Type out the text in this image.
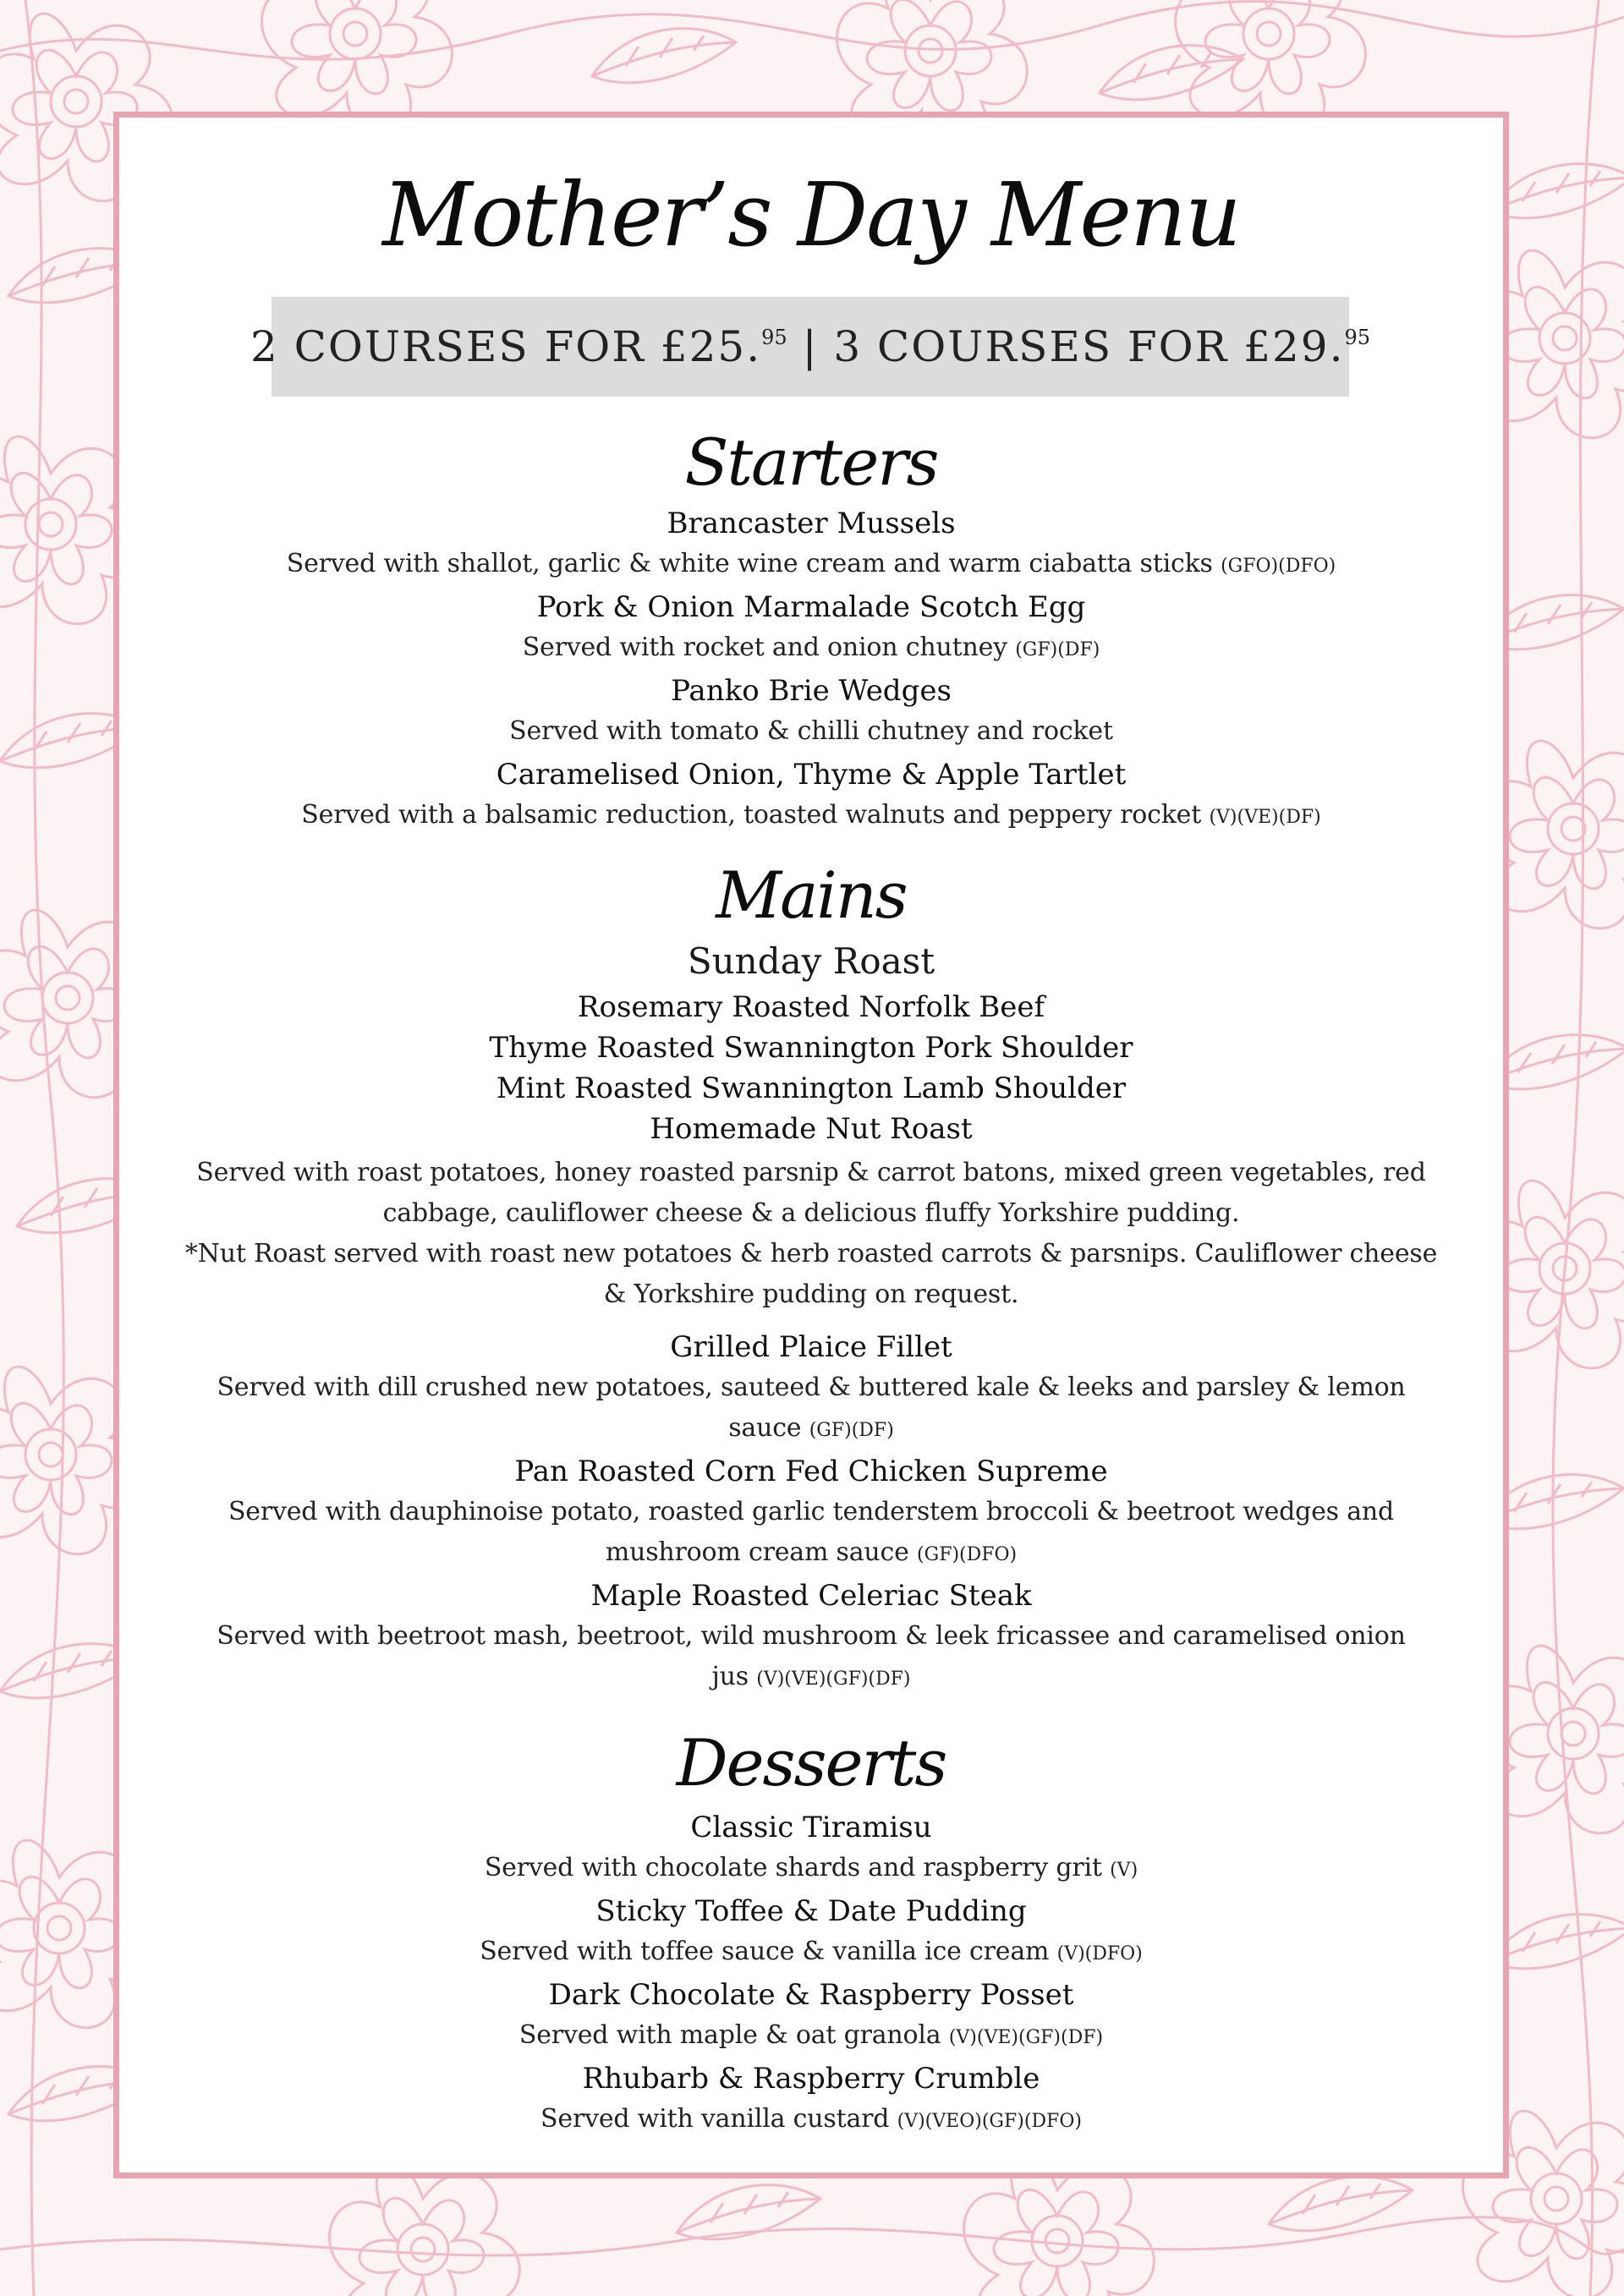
Mother’s Day Menu
2 COURSES FOR £25.95 | 3 COURSES FOR £29.95
Starters

Brancaster Mussels

Served with shallot, garlic & white wine cream and warm ciabatta sticks (GFO)(DFO)

Pork & Onion Marmalade Scotch Egg

Served with rocket and onion chutney (GF)(DF)

Panko Brie Wedges

Served with tomato & chilli chutney and rocket

Caramelised Onion, Thyme & Apple Tartlet

Served with a balsamic reduction, toasted walnuts and peppery rocket (V)(VE)(DF)

Mains

Sunday Roast

Rosemary Roasted Norfolk Beef

Thyme Roasted Swannington Pork Shoulder

Mint Roasted Swannington Lamb Shoulder

Homemade Nut Roast

Served with roast potatoes, honey roasted parsnip & carrot batons, mixed green vegetables, red

cabbage, cauliflower cheese & a delicious fluffy Yorkshire pudding.

*Nut Roast served with roast new potatoes & herb roasted carrots & parsnips. Cauliflower cheese

& Yorkshire pudding on request.

Grilled Plaice Fillet

Served with dill crushed new potatoes, sauteed & buttered kale & leeks and parsley & lemon

sauce (GF)(DF)

Pan Roasted Corn Fed Chicken Supreme

Served with dauphinoise potato, roasted garlic tenderstem broccoli & beetroot wedges and

mushroom cream sauce (GF)(DFO)

Maple Roasted Celeriac Steak

Served with beetroot mash, beetroot, wild mushroom & leek fricassee and caramelised onion

jus (V)(VE)(GF)(DF)

Desserts

Classic Tiramisu

Served with chocolate shards and raspberry grit (V)

Sticky Toffee & Date Pudding

Served with toffee sauce & vanilla ice cream (V)(DFO)

Dark Chocolate & Raspberry Posset

Served with maple & oat granola (V)(VE)(GF)(DF)

Rhubarb & Raspberry Crumble

Served with vanilla custard (V)(VEO)(GF)(DFO)
